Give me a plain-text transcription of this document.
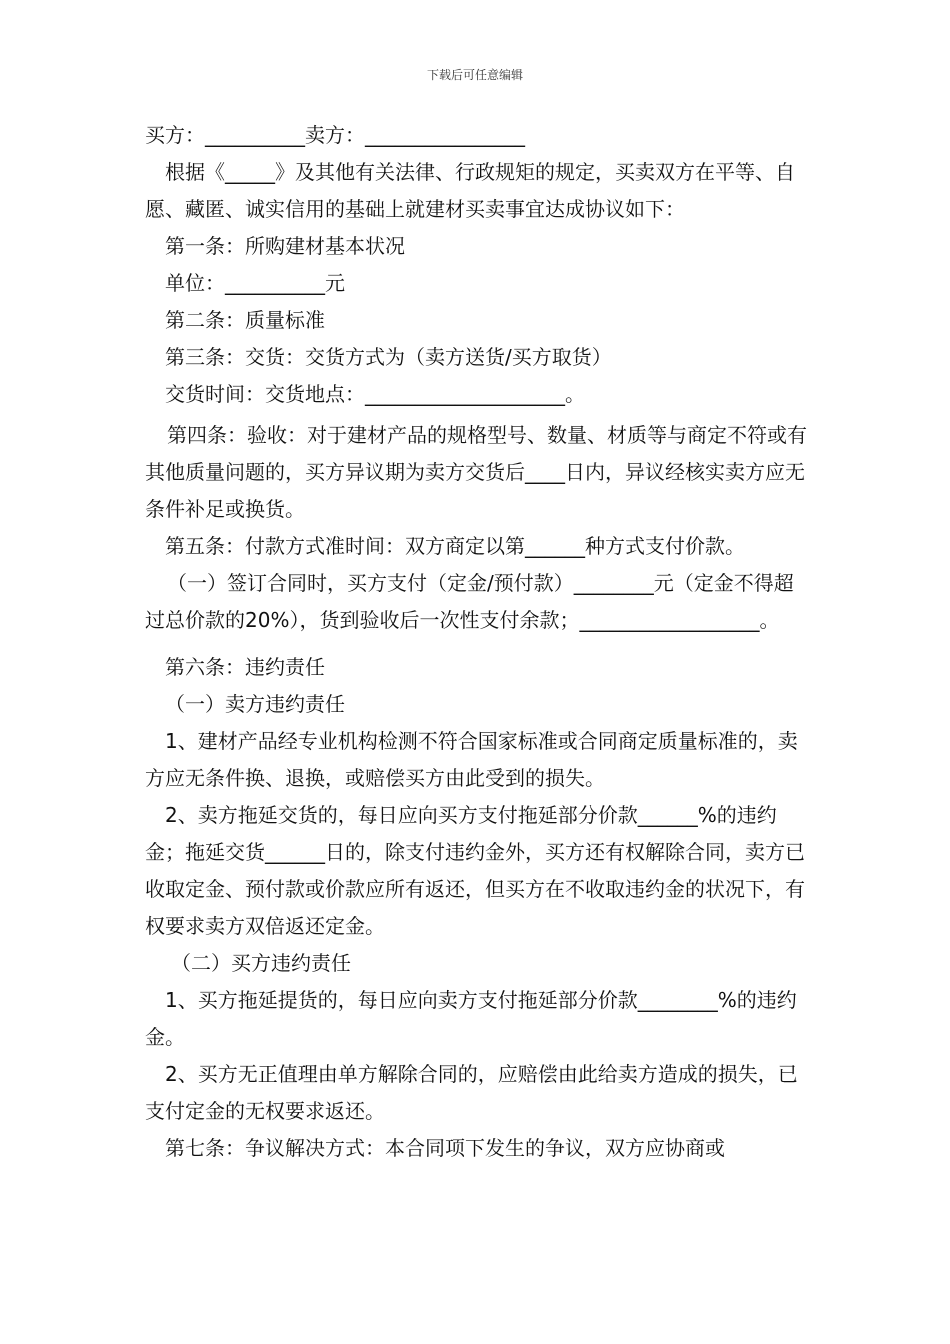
下载后可任意编辑

买方：__________卖方：________________

根据《_____》及其他有关法律、行政规矩的规定，买卖双方在平等、自愿、藏匿、诚实信用的基础上就建材买卖事宜达成协议如下：

第一条：所购建材基本状况

单位：__________元

第二条：质量标准

第三条：交货：交货方式为（卖方送货/买方取货）

交货时间：交货地点：____________________。

第四条：验收：对于建材产品的规格型号、数量、材质等与商定不符或有其他质量问题的，买方异议期为卖方交货后____日内，异议经核实卖方应无条件补足或换货。

第五条：付款方式准时间：双方商定以第______种方式支付价款。

（一）签订合同时，买方支付（定金/预付款）________元（定金不得超过总价款的20%），货到验收后一次性支付余款；__________________。

第六条：违约责任

（一）卖方违约责任

1、建材产品经专业机构检测不符合国家标准或合同商定质量标准的，卖方应无条件换、退换，或赔偿买方由此受到的损失。

2、卖方拖延交货的，每日应向买方支付拖延部分价款______%的违约金；拖延交货______日的，除支付违约金外，买方还有权解除合同，卖方已收取定金、预付款或价款应所有返还，但买方在不收取违约金的状况下，有权要求卖方双倍返还定金。

（二）买方违约责任

1、买方拖延提货的，每日应向卖方支付拖延部分价款________%的违约金。

2、买方无正值理由单方解除合同的，应赔偿由此给卖方造成的损失，已支付定金的无权要求返还。

第七条：争议解决方式：本合同项下发生的争议，双方应协商或
